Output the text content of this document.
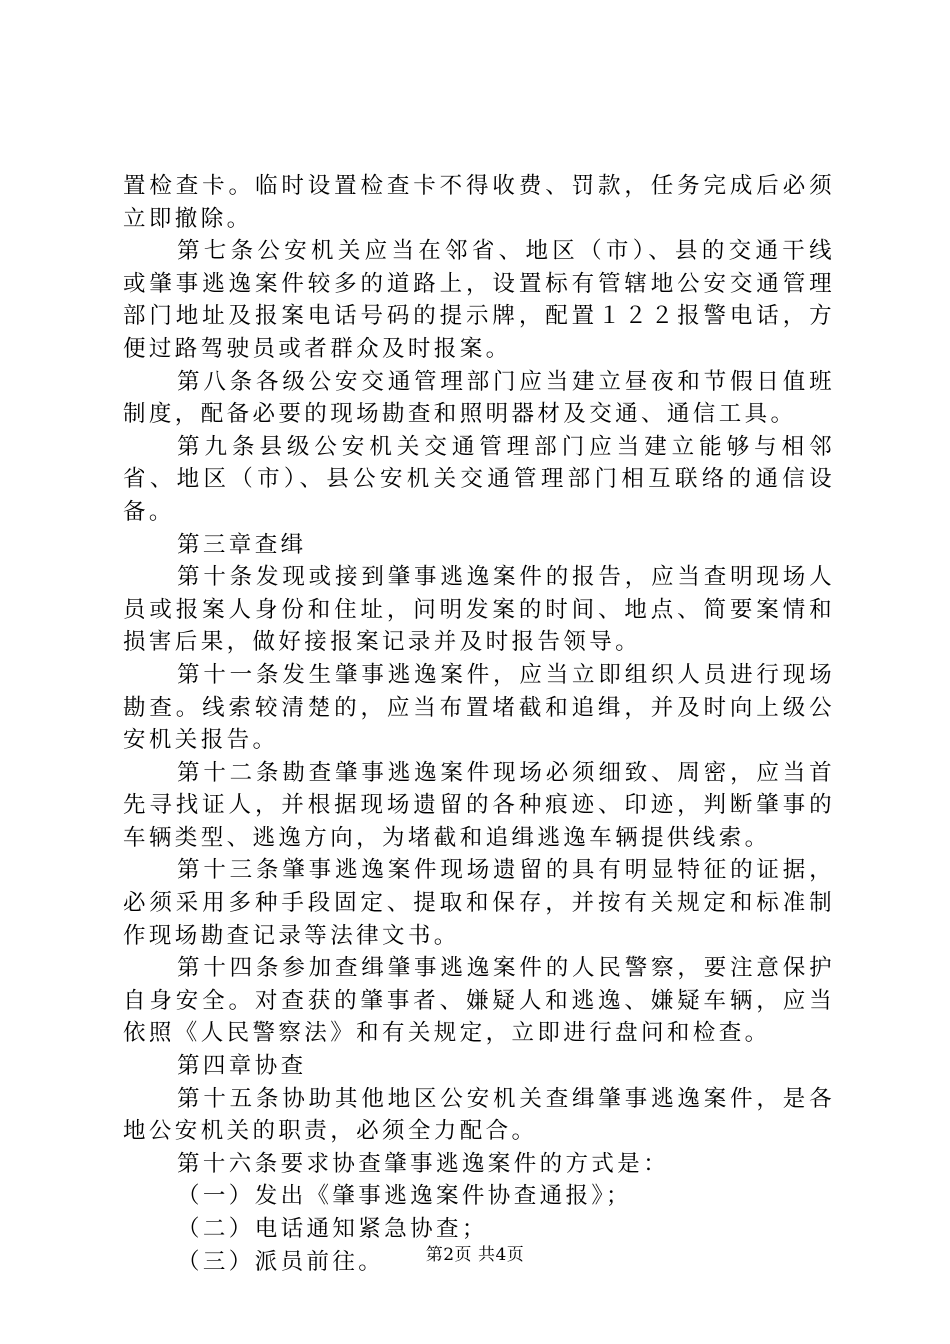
置检查卡。临时设置检查卡不得收费、罚款，任务完成后必须立即撤除。

第七条公安机关应当在邻省、地区（市）、县的交通干线或肇事逃逸案件较多的道路上，设置标有管辖地公安交通管理部门地址及报案电话号码的提示牌，配置１２２报警电话，方便过路驾驶员或者群众及时报案。

第八条各级公安交通管理部门应当建立昼夜和节假日值班制度，配备必要的现场勘查和照明器材及交通、通信工具。

第九条县级公安机关交通管理部门应当建立能够与相邻省、地区（市）、县公安机关交通管理部门相互联络的通信设备。

第三章查缉

第十条发现或接到肇事逃逸案件的报告，应当查明现场人员或报案人身份和住址，问明发案的时间、地点、简要案情和损害后果，做好接报案记录并及时报告领导。

第十一条发生肇事逃逸案件，应当立即组织人员进行现场勘查。线索较清楚的，应当布置堵截和追缉，并及时向上级公安机关报告。

第十二条勘查肇事逃逸案件现场必须细致、周密，应当首先寻找证人，并根据现场遗留的各种痕迹、印迹，判断肇事的车辆类型、逃逸方向，为堵截和追缉逃逸车辆提供线索。

第十三条肇事逃逸案件现场遗留的具有明显特征的证据，必须采用多种手段固定、提取和保存，并按有关规定和标准制作现场勘查记录等法律文书。

第十四条参加查缉肇事逃逸案件的人民警察，要注意保护自身安全。对查获的肇事者、嫌疑人和逃逸、嫌疑车辆，应当依照《人民警察法》和有关规定，立即进行盘问和检查。

第四章协查

第十五条协助其他地区公安机关查缉肇事逃逸案件，是各地公安机关的职责，必须全力配合。

第十六条要求协查肇事逃逸案件的方式是：

（一）发出《肇事逃逸案件协查通报》；

（二）电话通知紧急协查；

（三）派员前往。	第2页 共4页
